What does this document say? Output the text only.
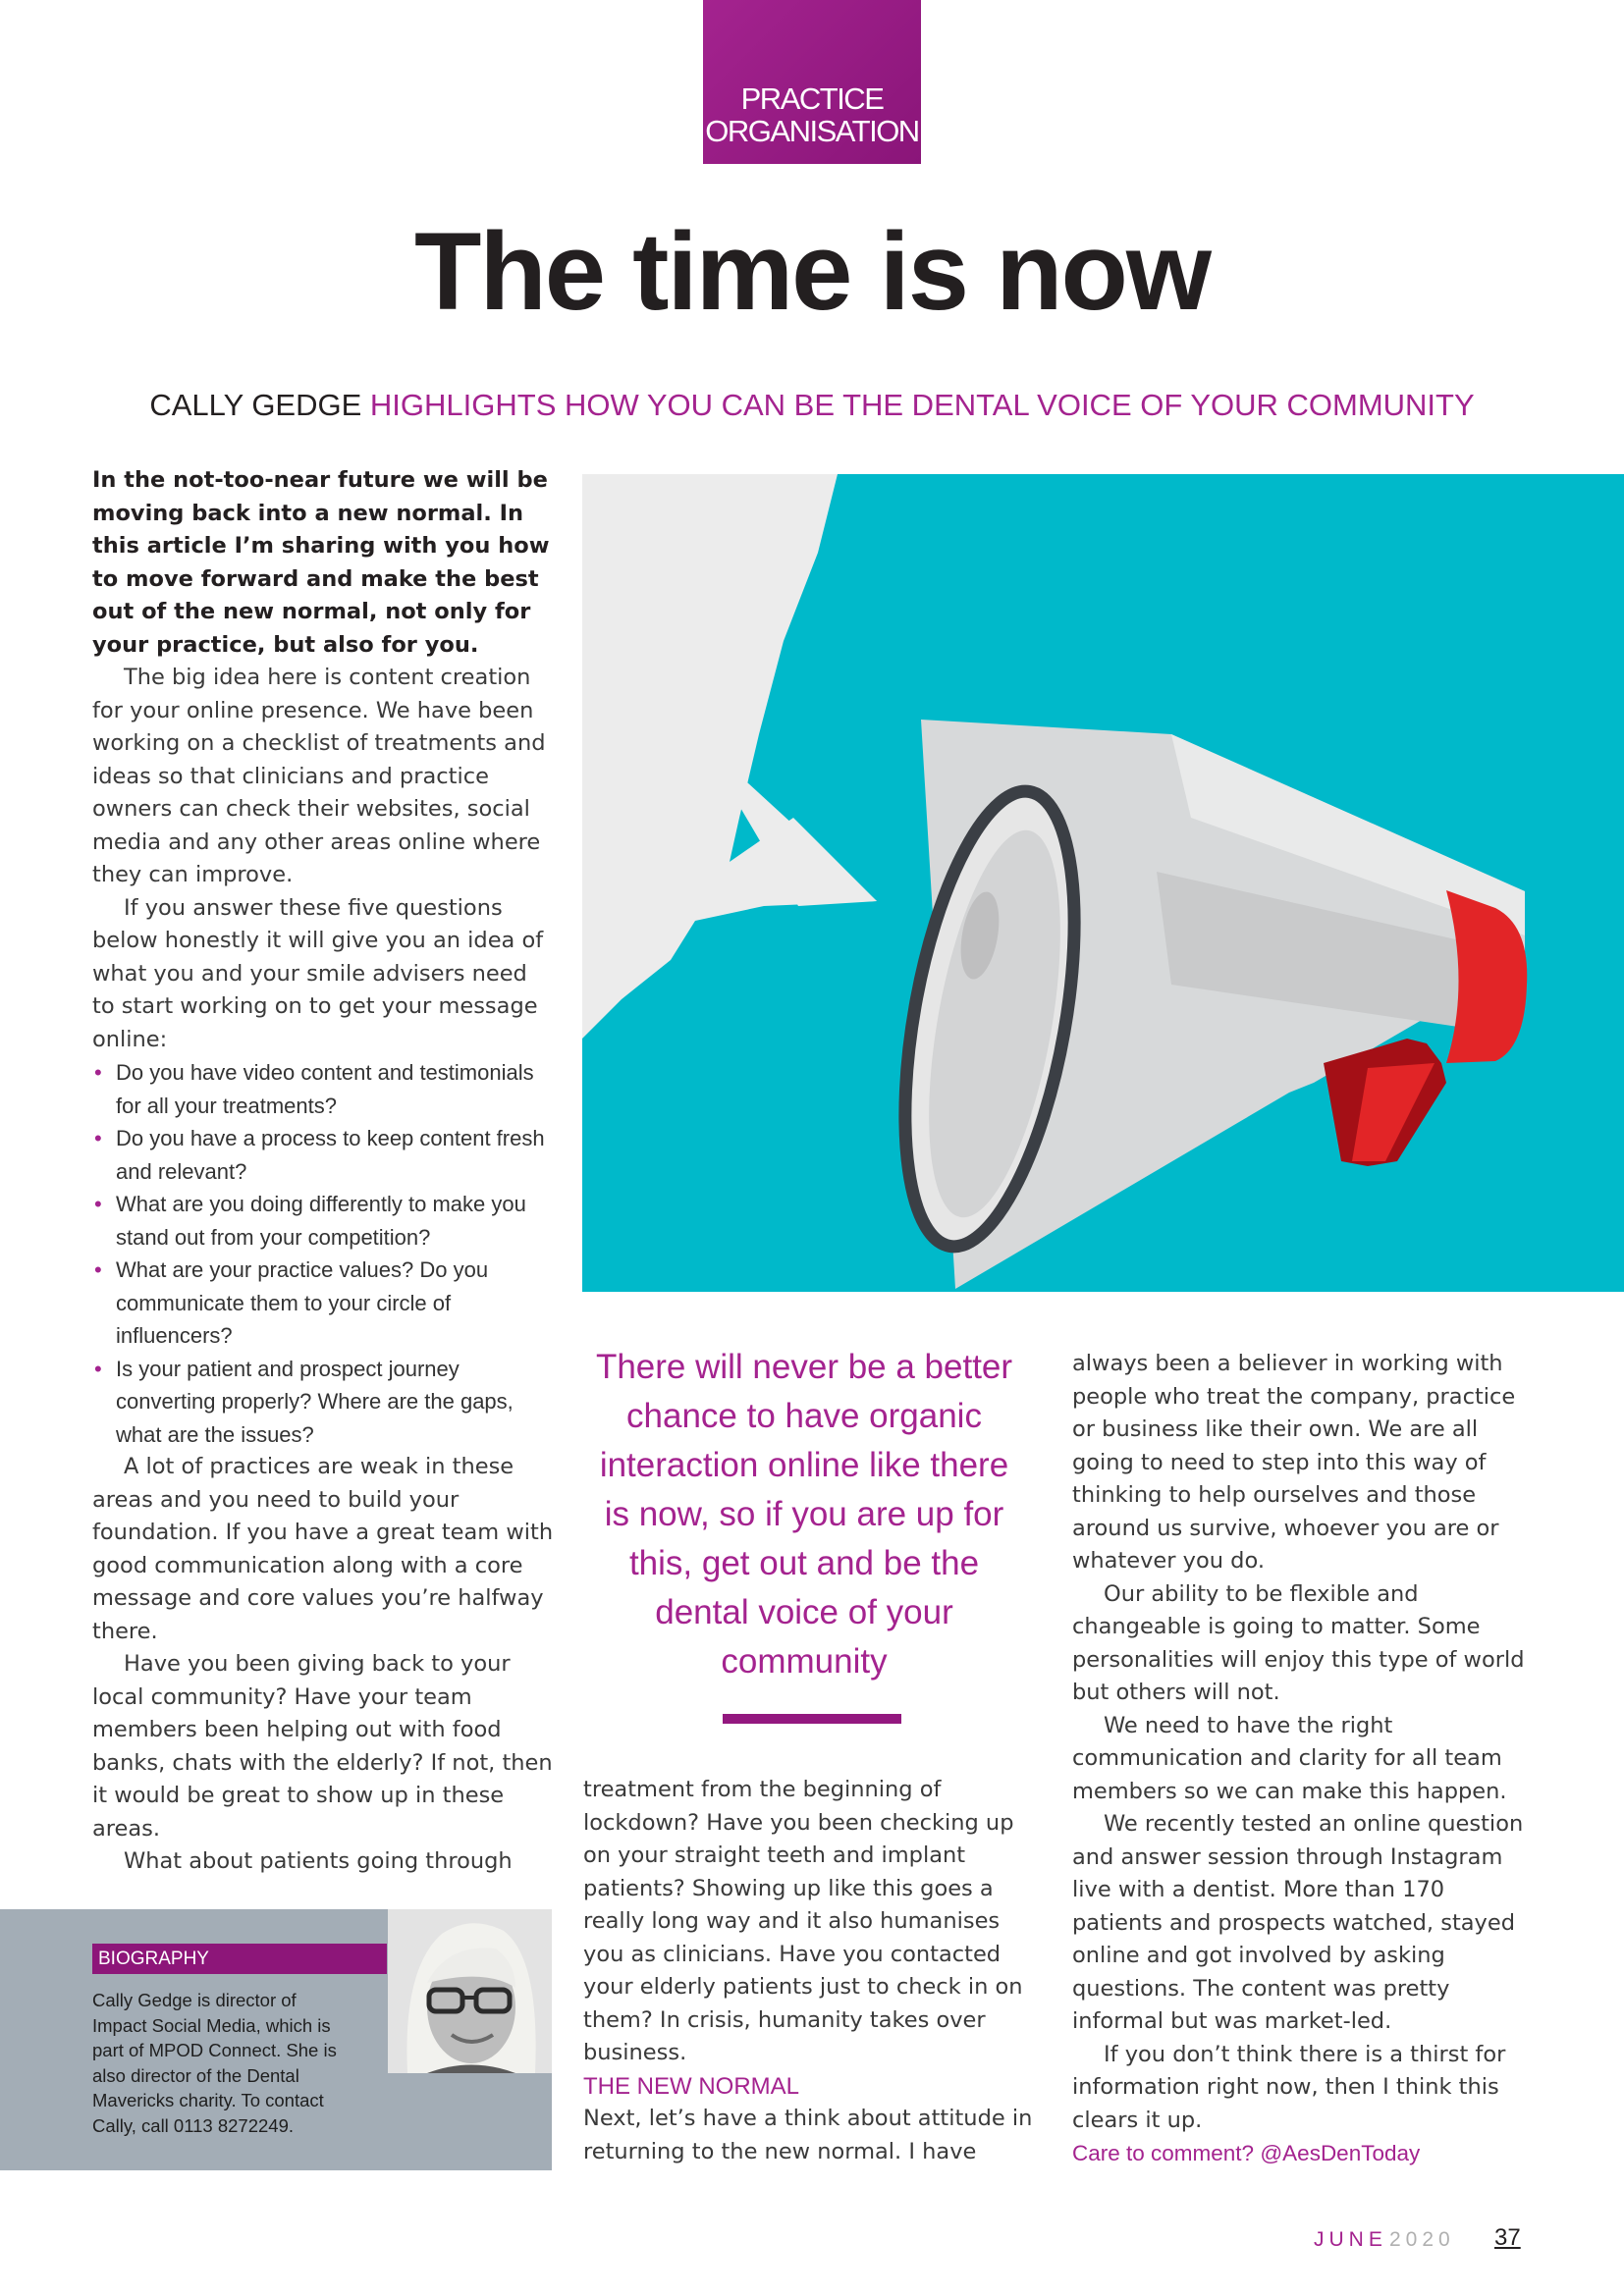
PRACTICE
ORGANISATION
The time is now
CALLY GEDGE HIGHLIGHTS HOW YOU CAN BE THE DENTAL VOICE OF YOUR COMMUNITY

In the not-too-near future we will be moving back into a new normal. In this article I’m sharing with you how to move forward and make the best out of the new normal, not only for your practice, but also for you.

The big idea here is content creation for your online presence. We have been working on a checklist of treatments and ideas so that clinicians and practice owners can check their websites, social media and any other areas online where they can improve.

If you answer these five questions below honestly it will give you an idea of what you and your smile advisers need to start working on to get your message online:

• Do you have video content and testimonials for all your treatments?
• Do you have a process to keep content fresh and relevant?
• What are you doing differently to make you stand out from your competition?
• What are your practice values? Do you communicate them to your circle of influencers?
• Is your patient and prospect journey converting properly? Where are the gaps, what are the issues?

A lot of practices are weak in these areas and you need to build your foundation. If you have a great team with good communication along with a core message and core values you’re halfway there.

Have you been giving back to your local community? Have your team members been helping out with food banks, chats with the elderly? If not, then it would be great to show up in these areas.

What about patients going through

There will never be a better chance to have organic interaction online like there is now, so if you are up for this, get out and be the dental voice of your community

treatment from the beginning of lockdown? Have you been checking up on your straight teeth and implant patients? Showing up like this goes a really long way and it also humanises you as clinicians. Have you contacted your elderly patients just to check in on them? In crisis, humanity takes over business.

THE NEW NORMAL

Next, let’s have a think about attitude in returning to the new normal. I have

always been a believer in working with people who treat the company, practice or business like their own. We are all going to need to step into this way of thinking to help ourselves and those around us survive, whoever you are or whatever you do.

Our ability to be flexible and changeable is going to matter. Some personalities will enjoy this type of world but others will not.

We need to have the right communication and clarity for all team members so we can make this happen.

We recently tested an online question and answer session through Instagram live with a dentist. More than 170 patients and prospects watched, stayed online and got involved by asking questions. The content was pretty informal but was market-led.

If you don’t think there is a thirst for information right now, then I think this clears it up.

Care to comment? @AesDenToday

BIOGRAPHY
Cally Gedge is director of Impact Social Media, which is part of MPOD Connect. She is also director of the Dental Mavericks charity. To contact Cally, call 0113 8272249.
JUNE 2020 37
